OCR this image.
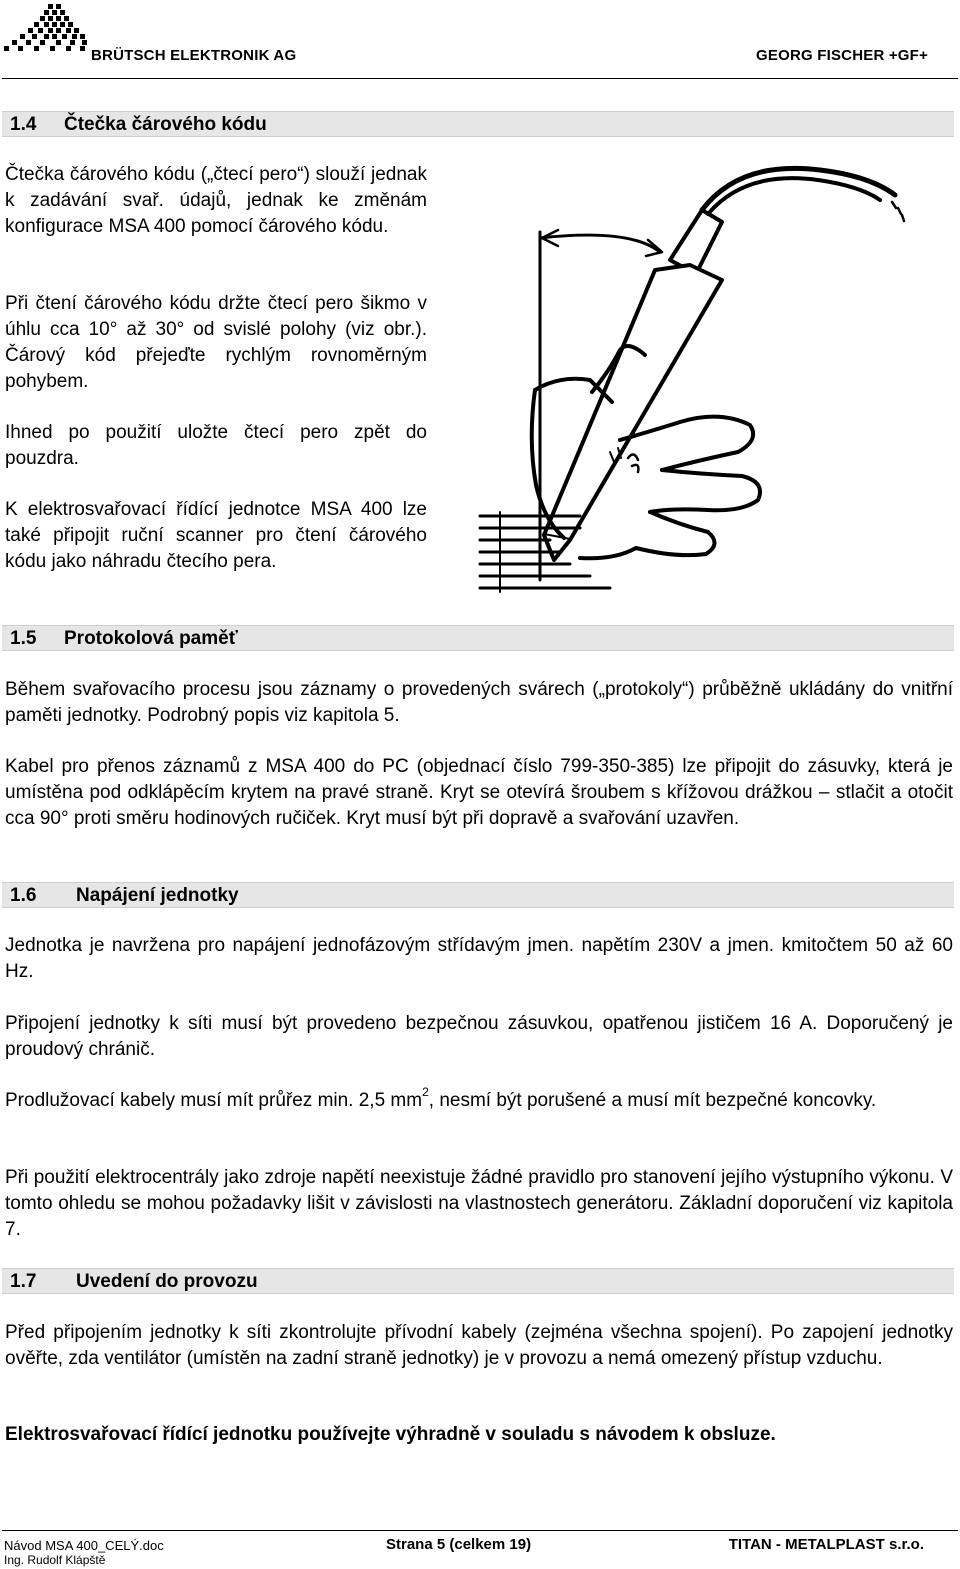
BRÜTSCH ELEKTRONIK AG	GEORG FISCHER +GF+
1.4 Čtečka čárového kódu

Čtečka čárového kódu („čtecí pero“) slouží jednak k zadávání svař. údajů, jednak ke změnám konfigurace MSA 400 pomocí čárového kódu.

Při čtení čárového kódu držte čtecí pero šikmo v úhlu cca 10° až 30° od svislé polohy (viz obr.). Čárový kód přejeďte rychlým rovnoměrným pohybem.

Ihned po použití uložte čtecí pero zpět do pouzdra.

K elektrosvařovací řídící jednotce MSA 400 lze také připojit ruční scanner pro čtení čárového kódu jako náhradu čtecího pera.

1.5 Protokolová paměť

Během svařovacího procesu jsou záznamy o provedených svárech („protokoly“) průběžně ukládány do vnitřní paměti jednotky. Podrobný popis viz kapitola 5.

Kabel pro přenos záznamů z MSA 400 do PC (objednací číslo 799-350-385) lze připojit do zásuvky, která je umístěna pod odklápěcím krytem na pravé straně. Kryt se otevírá šroubem s křížovou drážkou – stlačit a otočit cca 90° proti směru hodinových ručiček. Kryt musí být při dopravě a svařování uzavřen.

1.6 Napájení jednotky

Jednotka je navržena pro napájení jednofázovým střídavým jmen. napětím 230V a jmen. kmitočtem 50 až 60 Hz.

Připojení jednotky k síti musí být provedeno bezpečnou zásuvkou, opatřenou jističem 16 A. Doporučený je proudový chránič.

Prodlužovací kabely musí mít průřez min. 2,5 $mm^2$, nesmí být porušené a musí mít bezpečné koncovky.

Při použití elektrocentrály jako zdroje napětí neexistuje žádné pravidlo pro stanovení jejího výstupního výkonu. V tomto ohledu se mohou požadavky lišit v závislosti na vlastnostech generátoru. Základní doporučení viz kapitola 7.

1.7 Uvedení do provozu

Před připojením jednotky k síti zkontrolujte přívodní kabely (zejména všechna spojení). Po zapojení jednotky ověřte, zda ventilátor (umístěn na zadní straně jednotky) je v provozu a nemá omezený přístup vzduchu.

Elektrosvařovací řídící jednotku používejte výhradně v souladu s návodem k obsluze.

Návod MSA 400_CELÝ.doc
Ing. Rudolf Klápště
Strana 5 (celkem 19)	TITAN - METALPLAST s.r.o.
